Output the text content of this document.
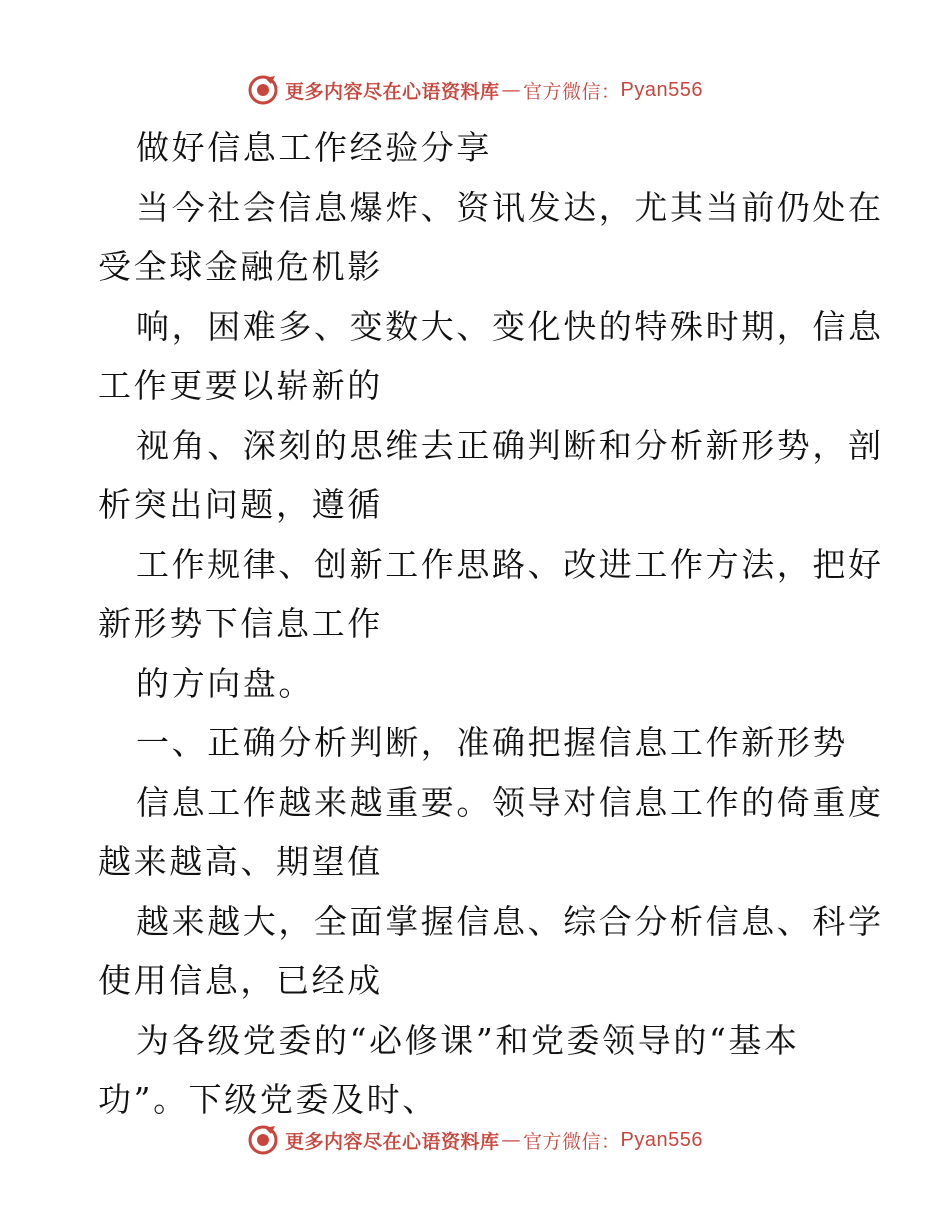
更多内容尽在心语资料库 — 官方微信： Pyan556
做好信息工作经验分享
当今社会信息爆炸、资讯发达，尤其当前仍处在
受全球金融危机影
响，困难多、变数大、变化快的特殊时期，信息
工作更要以崭新的
视角、深刻的思维去正确判断和分析新形势，剖
析突出问题，遵循
工作规律、创新工作思路、改进工作方法，把好
新形势下信息工作
的方向盘。
一、正确分析判断，准确把握信息工作新形势
信息工作越来越重要。领导对信息工作的倚重度
越来越高、期望值
越来越大，全面掌握信息、综合分析信息、科学
使用信息，已经成
为各级党委的“必修课”和党委领导的“基本
功”。下级党委及时、
更多内容尽在心语资料库 — 官方微信： Pyan556
